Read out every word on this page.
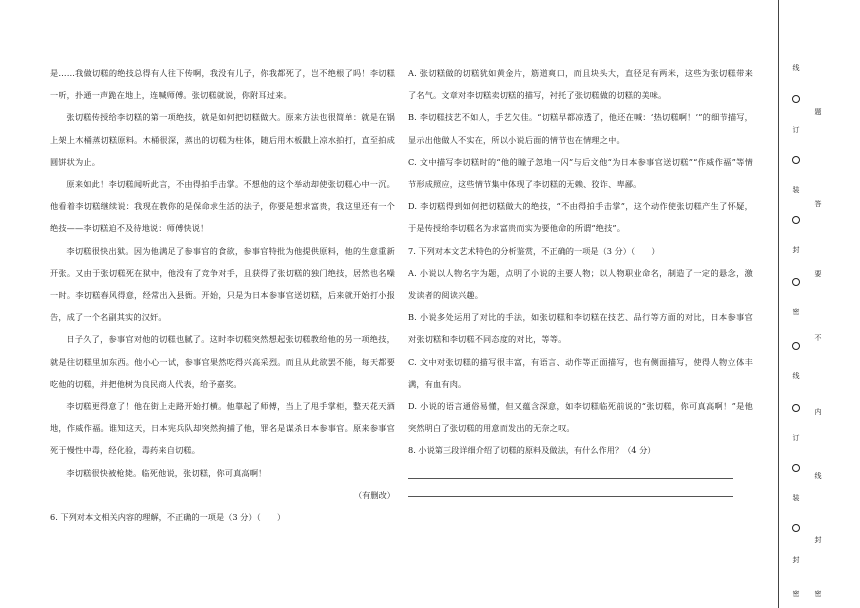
是……我做切糕的绝技总得有人往下传啊，我没有儿子，你我都死了，岂不绝根了吗！李切糕一听，扑通一声跪在地上，连喊师傅。张切糕就说，你附耳过来。

张切糕传授给李切糕的第一项绝技，就是如何把切糕做大。原来方法也很简单：就是在锅上架上木桶蒸切糕原料。木桶很深，蒸出的切糕为柱体，随后用木板戳上凉水拍打，直至拍成圆饼状为止。

原来如此！李切糕闻听此言，不由得拍手击掌。不想他的这个举动却使张切糕心中一沉。他看着李切糕继续说：我现在教你的是保命求生活的法子，你要是想求富贵，我这里还有一个绝技——李切糕迫不及待地说：师傅快说！

李切糕很快出狱。因为他满足了参事官的食欲，参事官特批为他提供原料，他的生意重新开张。又由于张切糕死在狱中，他没有了竞争对手，且获得了张切糕的独门绝技，居然也名噪一时。李切糕春风得意，经常出入县衙。开始，只是为日本参事官送切糕，后来就开始打小报告，成了一个名副其实的汉奸。

日子久了，参事官对他的切糕也腻了。这时李切糕突然想起张切糕教给他的另一项绝技，就是往切糕里加东西。他小心一试，参事官果然吃得兴高采烈。而且从此欲罢不能，每天都要吃他的切糕，并把他树为良民商人代表，给予嘉奖。

李切糕更得意了！他在街上走路开始打横。他靠起了师傅，当上了甩手掌柜，整天花天酒地，作威作福。谁知这天，日本宪兵队却突然拘捕了他，罪名是谋杀日本参事官。原来参事官死于慢性中毒，经化验，毒药来自切糕。

李切糕很快被枪毙。临死他说，张切糕，你可真高啊！

（有删改）

6. 下列对本文相关内容的理解，不正确的一项是（3 分）（　　）

A. 张切糕做的切糕犹如黄金片，筋道爽口，而且块头大，直径足有两米，这些为张切糕带来了名气。文章对李切糕卖切糕的描写，衬托了张切糕做的切糕的美味。

B. 李切糕技艺不如人，手艺欠佳。“切糕早都凉透了，他还在喊：‘热切糕啊！’”的细节描写，显示出他做人不实在，所以小说后面的情节也在情理之中。

C. 文中描写李切糕时的“他的瞳子忽地一闪”与后文他“为日本参事官送切糕”“作威作福”等情节形成照应，这些情节集中体现了李切糕的无赖、狡诈、卑鄙。

D. 李切糕得到如何把切糕做大的绝技，“不由得拍手击掌”，这个动作使张切糕产生了怀疑，于是传授给李切糕名为求富贵而实为要他命的所谓“绝技”。

7. 下列对本文艺术特色的分析鉴赏，不正确的一项是（3 分）（　　）

A. 小说以人物名字为题，点明了小说的主要人物；以人物职业命名，制造了一定的悬念，激发读者的阅读兴趣。

B. 小说多处运用了对比的手法，如张切糕和李切糕在技艺、品行等方面的对比，日本参事官对张切糕和李切糕不同态度的对比，等等。

C. 文中对张切糕的描写很丰富，有语言、动作等正面描写，也有侧面描写，使得人物立体丰满，有血有肉。

D. 小说的语言通俗易懂，但又蕴含深意，如李切糕临死前说的“张切糕，你可真高啊！”是他突然明白了张切糕的用意而发出的无奈之叹。

8. 小说第三段详细介绍了切糕的原料及做法，有什么作用？（4 分）

线
订
装
封
密
线
订
装
封
密
题
答
要
不
内
线
封
密
